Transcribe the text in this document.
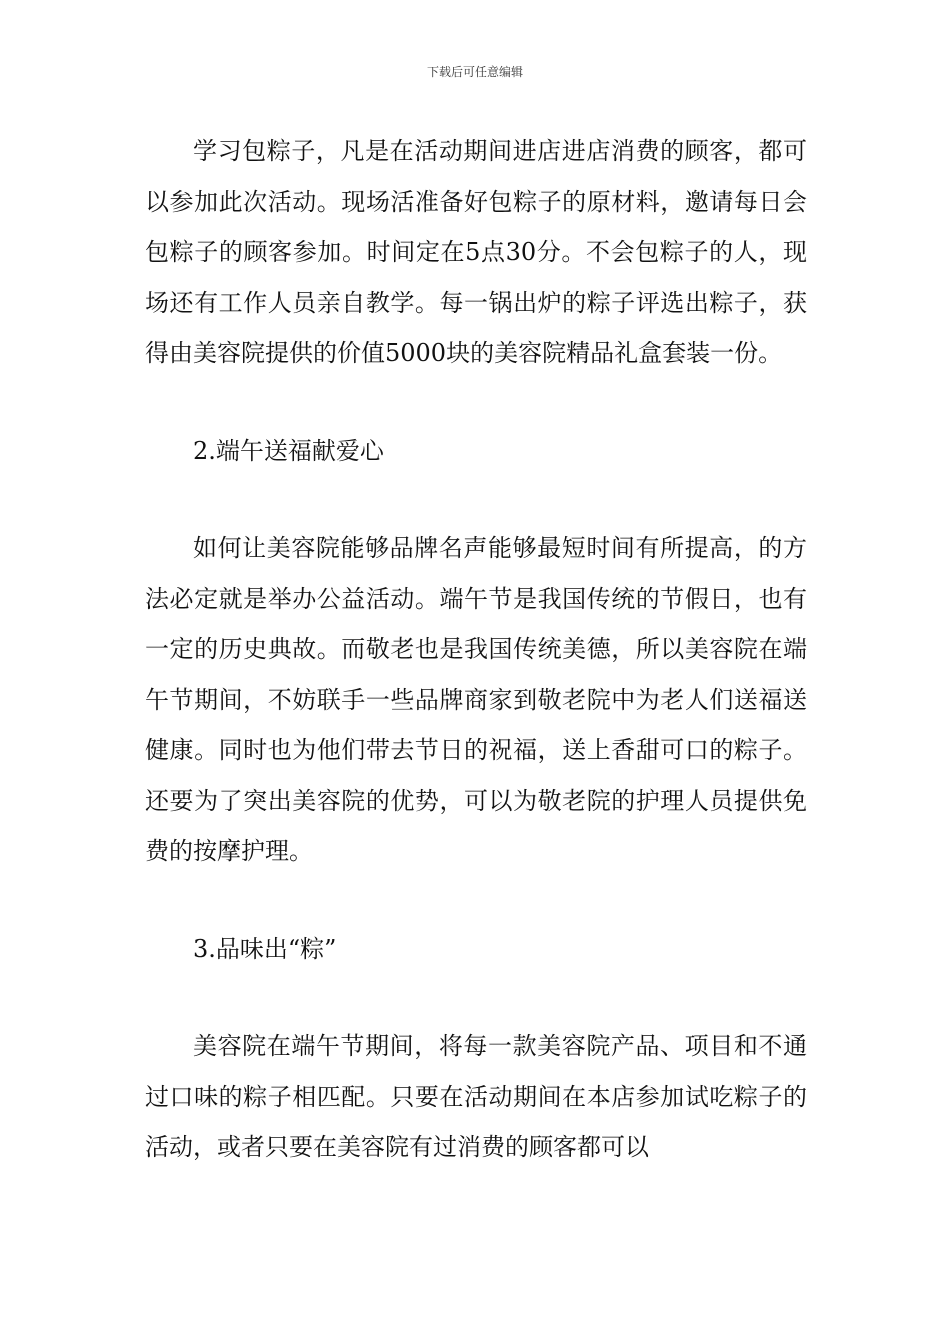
下载后可任意编辑

学习包粽子，凡是在活动期间进店进店消费的顾客，都可以参加此次活动。现场活准备好包粽子的原材料，邀请每日会包粽子的顾客参加。时间定在5点30分。不会包粽子的人，现场还有工作人员亲自教学。每一锅出炉的粽子评选出粽子，获得由美容院提供的价值5000块的美容院精品礼盒套装一份。

2.端午送福献爱心

如何让美容院能够品牌名声能够最短时间有所提高，的方法必定就是举办公益活动。端午节是我国传统的节假日，也有一定的历史典故。而敬老也是我国传统美德，所以美容院在端午节期间，不妨联手一些品牌商家到敬老院中为老人们送福送健康。同时也为他们带去节日的祝福，送上香甜可口的粽子。还要为了突出美容院的优势，可以为敬老院的护理人员提供免费的按摩护理。

3.品味出“粽”

美容院在端午节期间，将每一款美容院产品、项目和不通过口味的粽子相匹配。只要在活动期间在本店参加试吃粽子的活动，或者只要在美容院有过消费的顾客都可以
